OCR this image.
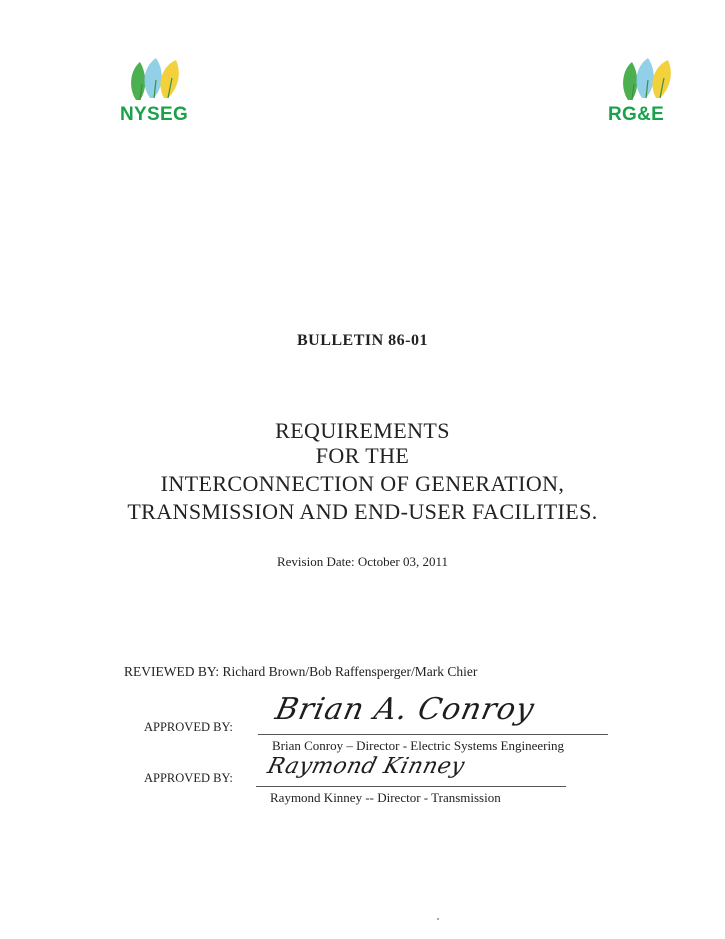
NYSEG	RG&E
BULLETIN 86-01
REQUIREMENTS
FOR THE
INTERCONNECTION OF GENERATION,
TRANSMISSION AND END-USER FACILITIES.
Revision Date: October 03, 2011
REVIEWED BY: Richard Brown/Bob Raffensperger/Mark Chier
APPROVED BY: Brian A. Conroy
Brian Conroy – Director - Electric Systems Engineering
APPROVED BY: Raymond Kinney
Raymond Kinney -- Director - Transmission
